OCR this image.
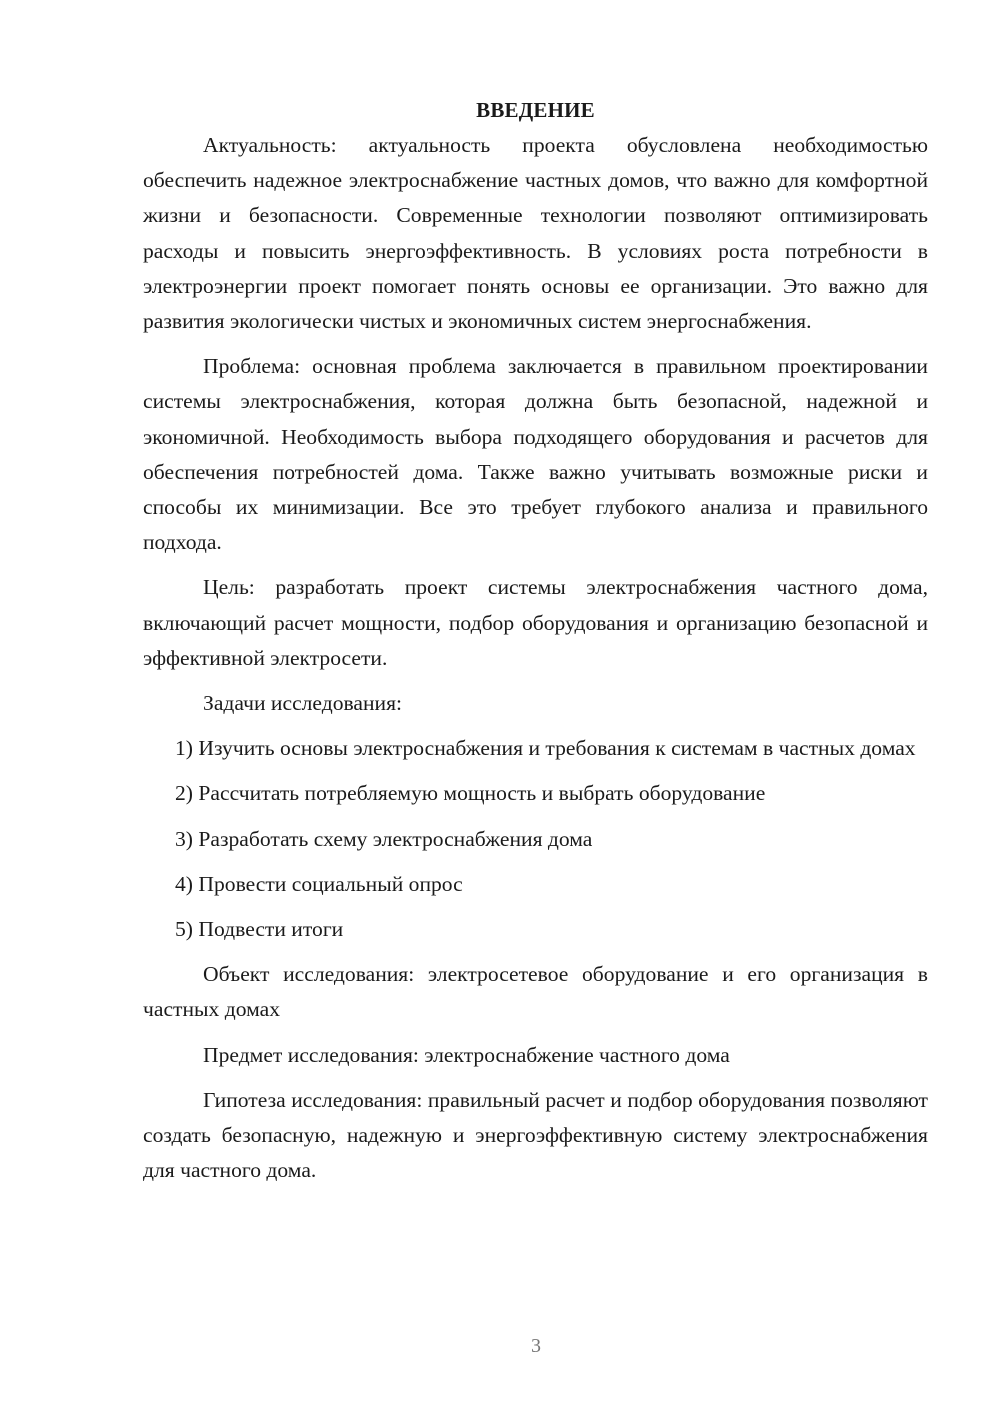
ВВЕДЕНИЕ

Актуальность: актуальность проекта обусловлена необходимостью обеспечить надежное электроснабжение частных домов, что важно для комфортной жизни и безопасности. Современные технологии позволяют оптимизировать расходы и повысить энергоэффективность. В условиях роста потребности в электроэнергии проект помогает понять основы ее организации. Это важно для развития экологически чистых и экономичных систем энергоснабжения.

Проблема: основная проблема заключается в правильном проектировании системы электроснабжения, которая должна быть безопасной, надежной и экономичной. Необходимость выбора подходящего оборудования и расчетов для обеспечения потребностей дома. Также важно учитывать возможные риски и способы их минимизации. Все это требует глубокого анализа и правильного подхода.

Цель: разработать проект системы электроснабжения частного дома, включающий расчет мощности, подбор оборудования и организацию безопасной и эффективной электросети.

Задачи исследования:

1) Изучить основы электроснабжения и требования к системам в частных домах

2) Рассчитать потребляемую мощность и выбрать оборудование

3) Разработать схему электроснабжения дома

4) Провести социальный опрос

5) Подвести итоги

Объект исследования: электросетевое оборудование и его организация в частных домах

Предмет исследования: электроснабжение частного дома

Гипотеза исследования: правильный расчет и подбор оборудования позволяют создать безопасную, надежную и энергоэффективную систему электроснабжения для частного дома.

3
